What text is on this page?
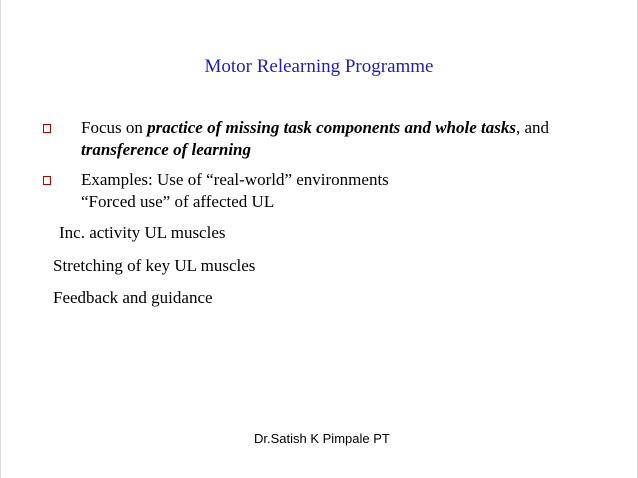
Motor Relearning Programme
Focus on practice of missing task components and whole tasks, and
transference of learning
Examples: Use of “real-world” environments
“Forced use” of affected UL
Inc. activity UL muscles
Stretching of key UL muscles
Feedback and guidance
Dr.Satish K Pimpale PT
